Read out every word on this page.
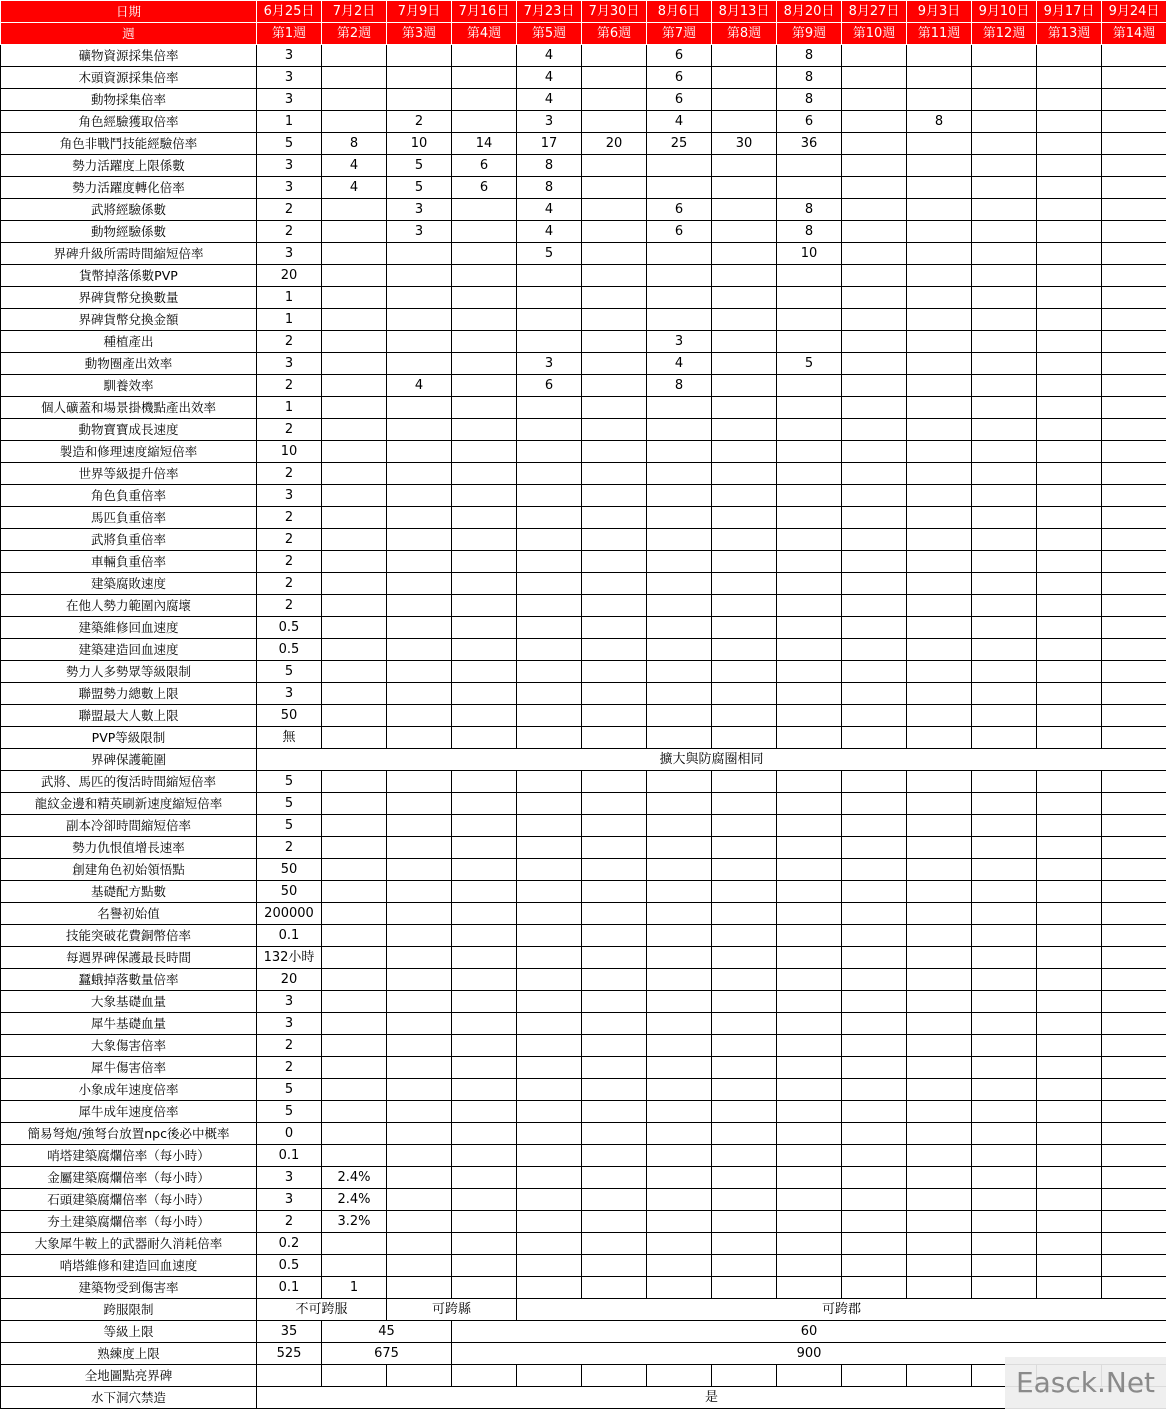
日期	6月25日	7月2日	7月9日	7月16日	7月23日	7月30日	8月6日	8月13日	8月20日	8月27日	9月3日	9月10日	9月17日	9月24日
週	第1週	第2週	第3週	第4週	第5週	第6週	第7週	第8週	第9週	第10週	第11週	第12週	第13週	第14週
礦物資源採集倍率	3				4		6		8					
木頭資源採集倍率	3				4		6		8					
動物採集倍率	3				4		6		8					
角色經驗獲取倍率	1		2		3		4		6		8			
角色非戰鬥技能經驗倍率	5	8	10	14	17	20	25	30	36					
勢力活躍度上限係數	3	4	5	6	8									
勢力活躍度轉化倍率	3	4	5	6	8									
武將經驗係數	2		3		4		6		8					
動物經驗係數	2		3		4		6		8					
界碑升級所需時間縮短倍率	3				5				10					
貨幣掉落係數PVP	20													
界碑貨幣兌換數量	1													
界碑貨幣兌換金額	1													
種植產出	2						3							
動物圈產出效率	3				3		4		5					
馴養效率	2		4		6		8							
個人礦蓋和場景掛機點產出效率	1													
動物寶寶成長速度	2													
製造和修理速度縮短倍率	10													
世界等級提升倍率	2													
角色負重倍率	3													
馬匹負重倍率	2													
武將負重倍率	2													
車輛負重倍率	2													
建築腐敗速度	2													
在他人勢力範圍內腐壞	2													
建築維修回血速度	0.5													
建築建造回血速度	0.5													
勢力人多勢眾等級限制	5													
聯盟勢力總數上限	3													
聯盟最大人數上限	50													
PVP等級限制	無													
界碑保護範圍	擴大與防腐圈相同													
武將、馬匹的復活時間縮短倍率	5													
龍紋金邊和精英刷新速度縮短倍率	5													
副本冷卻時間縮短倍率	5													
勢力仇恨值增長速率	2													
創建角色初始領悟點	50													
基礎配方點數	50													
名譽初始值	200000													
技能突破花費銅幣倍率	0.1													
每週界碑保護最長時間	132小時													
蠶蛾掉落數量倍率	20													
大象基礎血量	3													
犀牛基礎血量	3													
大象傷害倍率	2													
犀牛傷害倍率	2													
小象成年速度倍率	5													
犀牛成年速度倍率	5													
簡易弩炮/強弩台放置npc後必中概率	0													
哨塔建築腐爛倍率（每小時）	0.1													
金屬建築腐爛倍率（每小時）	3	2.4%												
石頭建築腐爛倍率（每小時）	3	2.4%												
夯土建築腐爛倍率（每小時）	2	3.2%												
大象犀牛鞍上的武器耐久消耗倍率	0.2													
哨塔維修和建造回血速度	0.5													
建築物受到傷害率	0.1	1												
跨服限制	不可跨服		可跨縣		可跨郡									
等級上限	35	45		60										
熟練度上限	525	675		900										
全地圖點亮界碑														
水下洞穴禁造	是														Easck.Net
